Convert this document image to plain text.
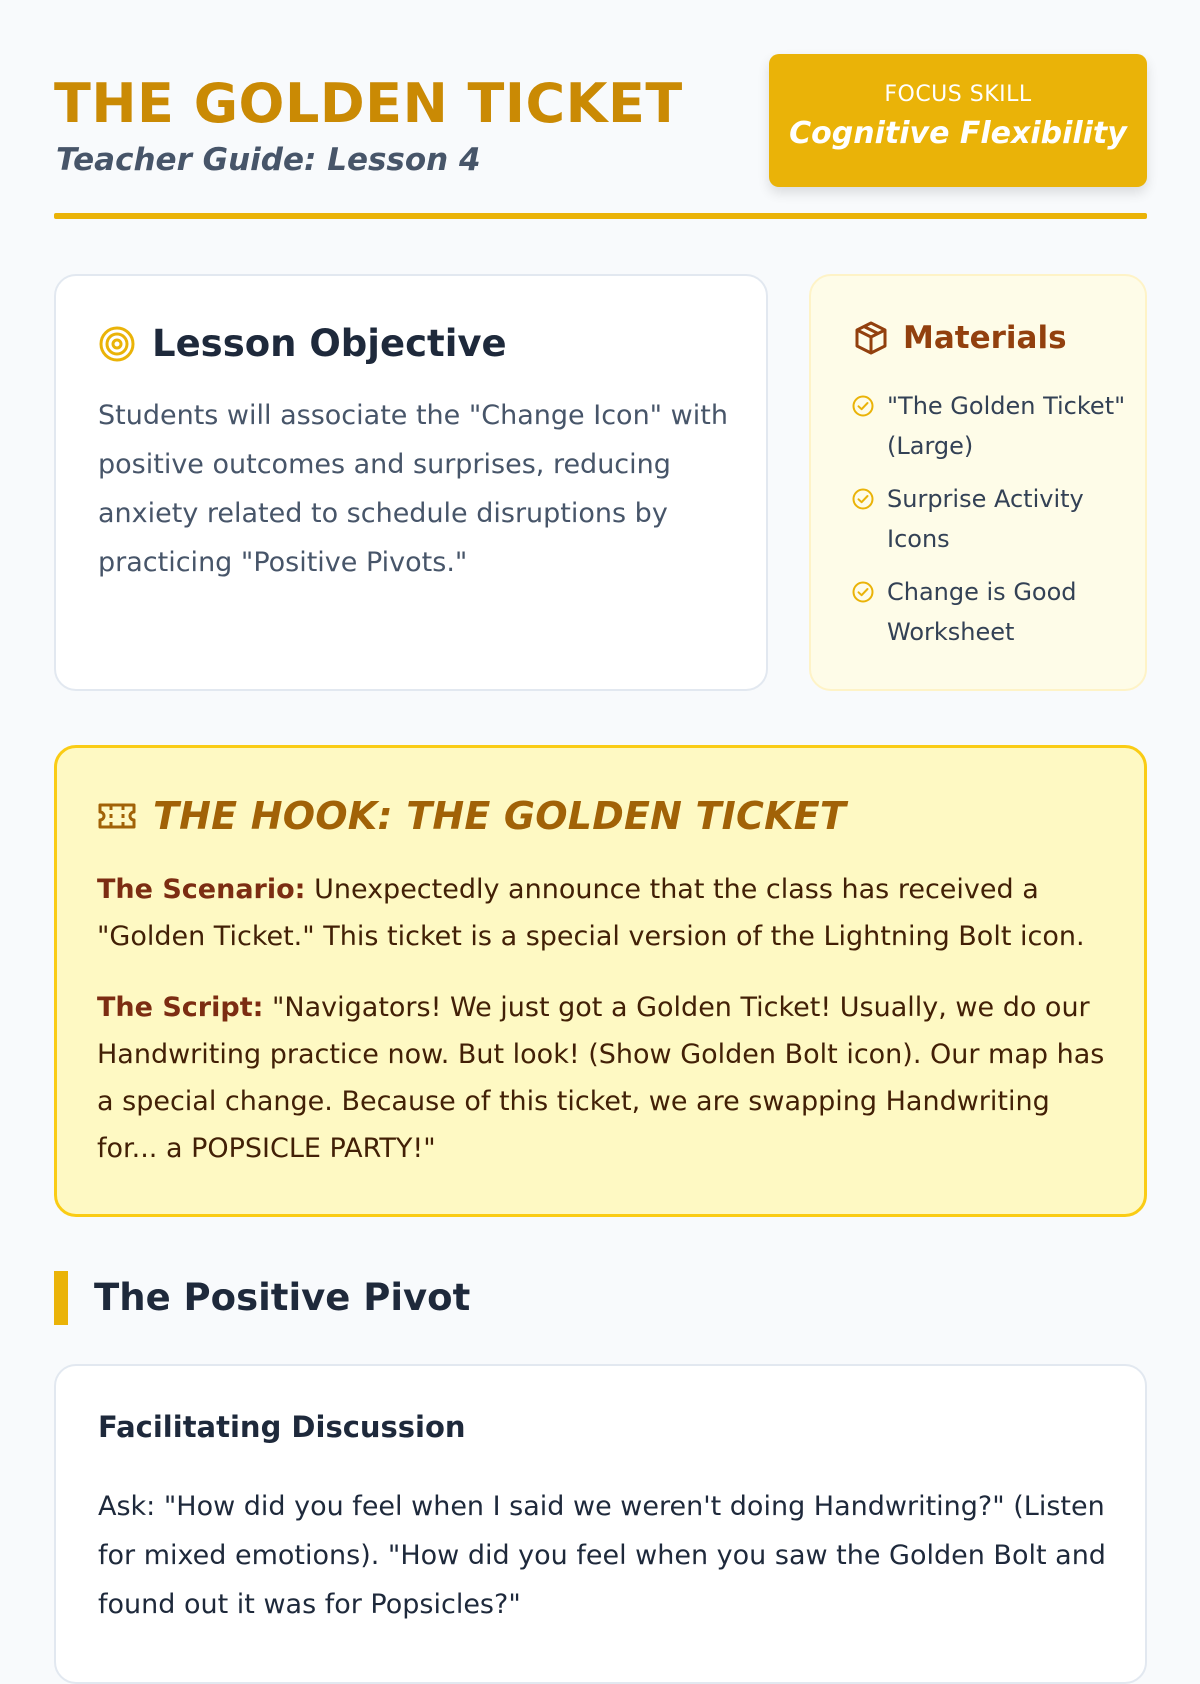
THE GOLDEN TICKET
Teacher Guide: Lesson 4
FOCUS SKILL
Cognitive Flexibility
Lesson Objective

Students will associate the "Change Icon" with positive outcomes and surprises, reducing anxiety related to schedule disruptions by practicing "Positive Pivots."

Materials
"The Golden Ticket" (Large)
Surprise Activity Icons
Change is Good Worksheet
THE HOOK: THE GOLDEN TICKET

The Scenario: Unexpectedly announce that the class has received a "Golden Ticket." This ticket is a special version of the Lightning Bolt icon.

The Script: "Navigators! We just got a Golden Ticket! Usually, we do our Handwriting practice now. But look! (Show Golden Bolt icon). Our map has a special change. Because of this ticket, we are swapping Handwriting for... a POPSICLE PARTY!"

The Positive Pivot
Facilitating Discussion

Ask: "How did you feel when I said we weren't doing Handwriting?" (Listen for mixed emotions). "How did you feel when you saw the Golden Bolt and found out it was for Popsicles?"
